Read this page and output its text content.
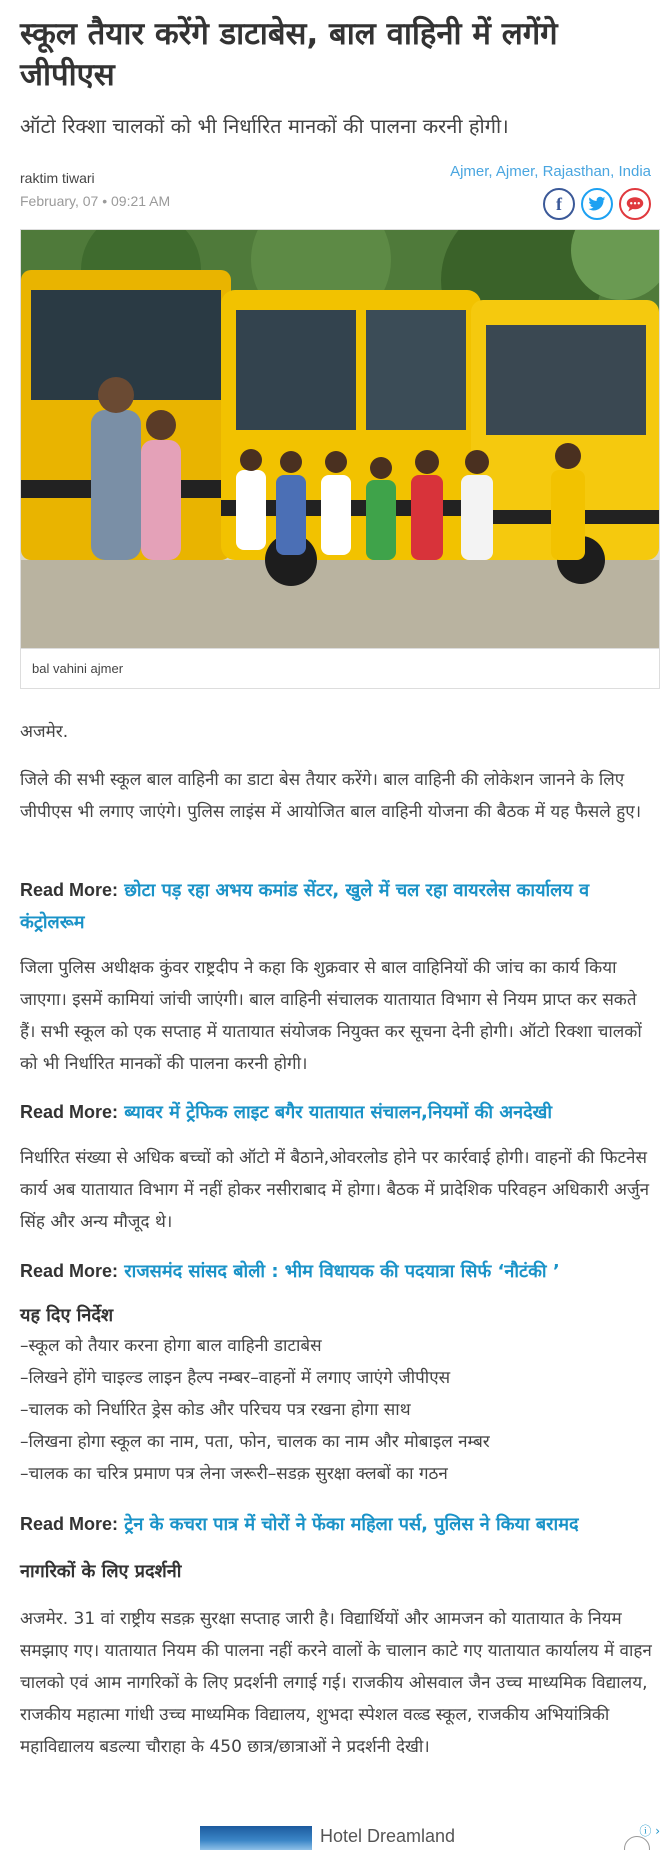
स्कूल तैयार करेंगे डाटाबेस, बाल वाहिनी में लगेंगे जीपीएस
ऑटो रिक्शा चालकों को भी निर्धारित मानकों की पालना करनी होगी।
raktim tiwari
February, 07 • 09:21 AM
Ajmer, Ajmer, Rajasthan, India
f
bal vahini ajmer

अजमेर.

जिले की सभी स्कूल बाल वाहिनी का डाटा बेस तैयार करेंगे। बाल वाहिनी की लोकेशन जानने के लिए जीपीएस भी लगाए जाएंगे। पुलिस लाइंस में आयोजित बाल वाहिनी योजना की बैठक में यह फैसले हुए।

Read More: छोटा पड़ रहा अभय कमांड सेंटर, खुले में चल रहा वायरलेस कार्यालय व कंट्रोलरूम

जिला पुलिस अधीक्षक कुंवर राष्ट्रदीप ने कहा कि शुक्रवार से बाल वाहिनियों की जांच का कार्य किया जाएगा। इसमें कामियां जांची जाएंगी। बाल वाहिनी संचालक यातायात विभाग से नियम प्राप्त कर सकते हैं। सभी स्कूल को एक सप्ताह में यातायात संयोजक नियुक्त कर सूचना देनी होगी। ऑटो रिक्शा चालकों को भी निर्धारित मानकों की पालना करनी होगी।

Read More: ब्यावर में ट्रेफिक लाइट बगैर यातायात संचालन,नियमों की अनदेखी

निर्धारित संख्या से अधिक बच्चों को ऑटो में बैठाने,ओवरलोड होने पर कार्रवाई होगी। वाहनों की फिटनेस कार्य अब यातायात विभाग में नहीं होकर नसीराबाद में होगा। बैठक में प्रादेशिक परिवहन अधिकारी अर्जुन सिंह और अन्य मौजूद थे।

Read More: राजसमंद सांसद बोली : भीम विधायक की पदयात्रा सिर्फ ‘नौटंकी ’
यह दिए निर्देश
–स्कूल को तैयार करना होगा बाल वाहिनी डाटाबेस
–लिखने होंगे चाइल्ड लाइन हैल्प नम्बर–वाहनों में लगाए जाएंगे जीपीएस
–चालक को निर्धारित ड्रेस कोड और परिचय पत्र रखना होगा साथ
–लिखना होगा स्कूल का नाम, पता, फोन, चालक का नाम और मोबाइल नम्बर
–चालक का चरित्र प्रमाण पत्र लेना जरूरी–सडक़ सुरक्षा क्लबों का गठन
Read More: ट्रेन के कचरा पात्र में चोरों ने फेंका महिला पर्स, पुलिस ने किया बरामद
नागरिकों के लिए प्रदर्शनी

अजमेर. 31 वां राष्ट्रीय सडक़ सुरक्षा सप्ताह जारी है। विद्यार्थियों और आमजन को यातायात के नियम समझाए गए। यातायात नियम की पालना नहीं करने वालों के चालान काटे गए यातायात कार्यालय में वाहन चालको एवं आम नागरिकों के लिए प्रदर्शनी लगाई गई। राजकीय ओसवाल जैन उच्च माध्यमिक विद्यालय, राजकीय महात्मा गांधी उच्च माध्यमिक विद्यालय, शुभदा स्पेशल वल्र्ड स्कूल, राजकीय अभियांत्रिकी महाविद्यालय बडल्या चौराहा के 450 छात्र/छात्राओं ने प्रदर्शनी देखी।

Hotel Dreamland	ⓘ ›
